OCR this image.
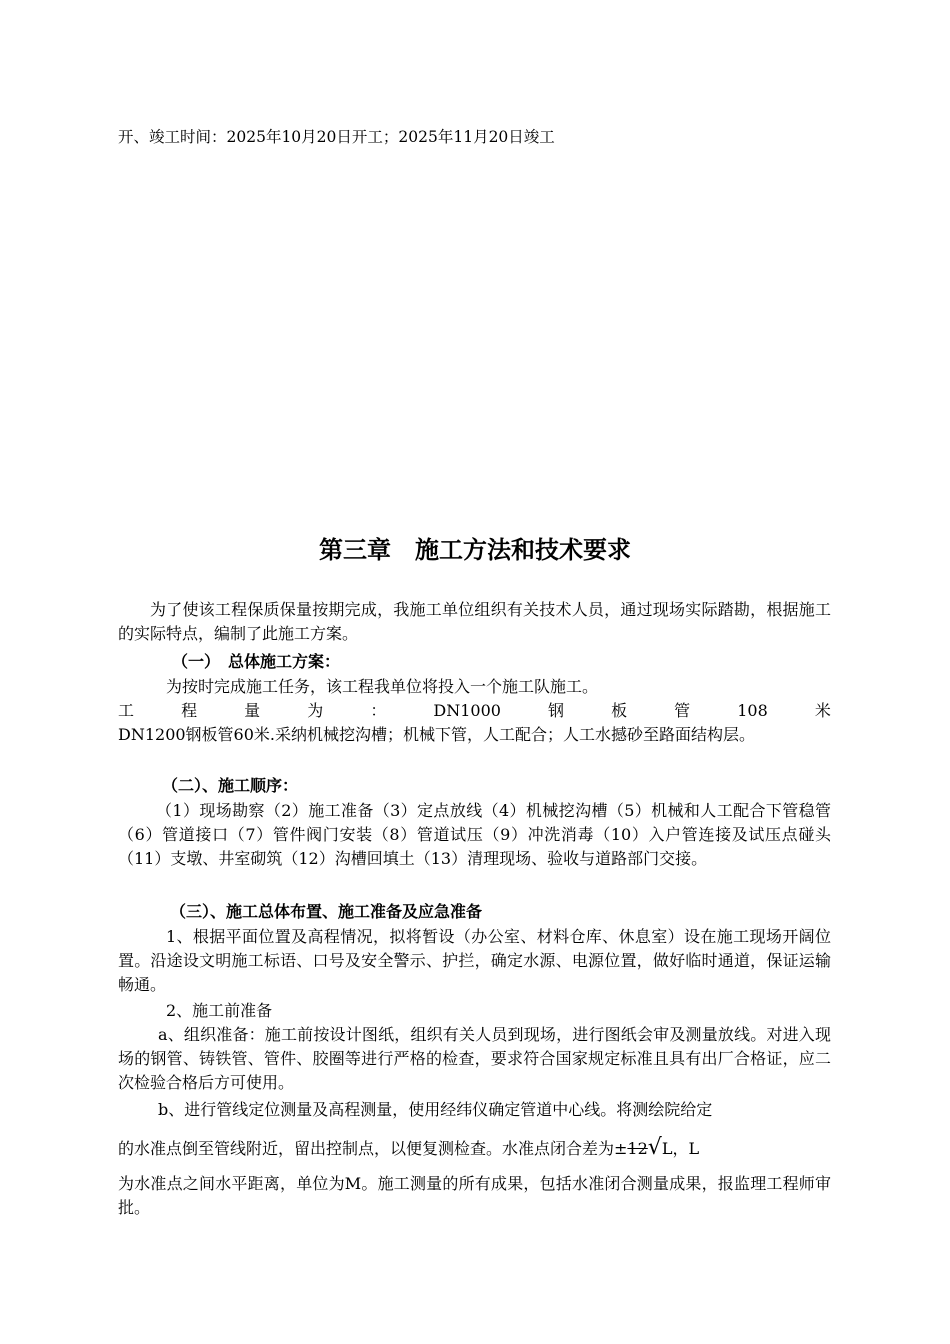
开、竣工时间：2025年10月20日开工；2025年11月20日竣工
第三章　施工方法和技术要求
为了使该工程保质保量按期完成，我施工单位组织有关技术人员，通过现场实际踏勘，根据施工的实际特点，编制了此施工方案。
（一）　总体施工方案：
为按时完成施工任务，该工程我单位将投入一个施工队施工。
工	程	量	为	：	DN1000	钢	板	管	108	米
DN1200钢板管60米.采纳机械挖沟槽；机械下管，人工配合；人工水撼砂至路面结构层。
（二）、施工顺序：
（1）现场勘察（2）施工准备（3）定点放线（4）机械挖沟槽（5）机械和人工配合下管稳管（6）管道接口（7）管件阀门安装（8）管道试压（9）冲洗消毒（10）入户管连接及试压点碰头（11）支墩、井室砌筑（12）沟槽回填土（13）清理现场、验收与道路部门交接。
（三）、施工总体布置、施工准备及应急准备
1、根据平面位置及高程情况，拟将暂设（办公室、材料仓库、休息室）设在施工现场开阔位置。沿途设文明施工标语、口号及安全警示、护拦，确定水源、电源位置，做好临时通道，保证运输畅通。
2、施工前准备
a、组织准备：施工前按设计图纸，组织有关人员到现场，进行图纸会审及测量放线。对进入现场的钢管、铸铁管、管件、胶圈等进行严格的检查，要求符合国家规定标准且具有出厂合格证，应二次检验合格后方可使用。
b、进行管线定位测量及高程测量，使用经纬仪确定管道中心线。将测绘院给定
的水准点倒至管线附近，留出控制点，以便复测检查。水准点闭合差为±12√L，L
为水准点之间水平距离，单位为M。施工测量的所有成果，包括水准闭合测量成果，报监理工程师审批。
